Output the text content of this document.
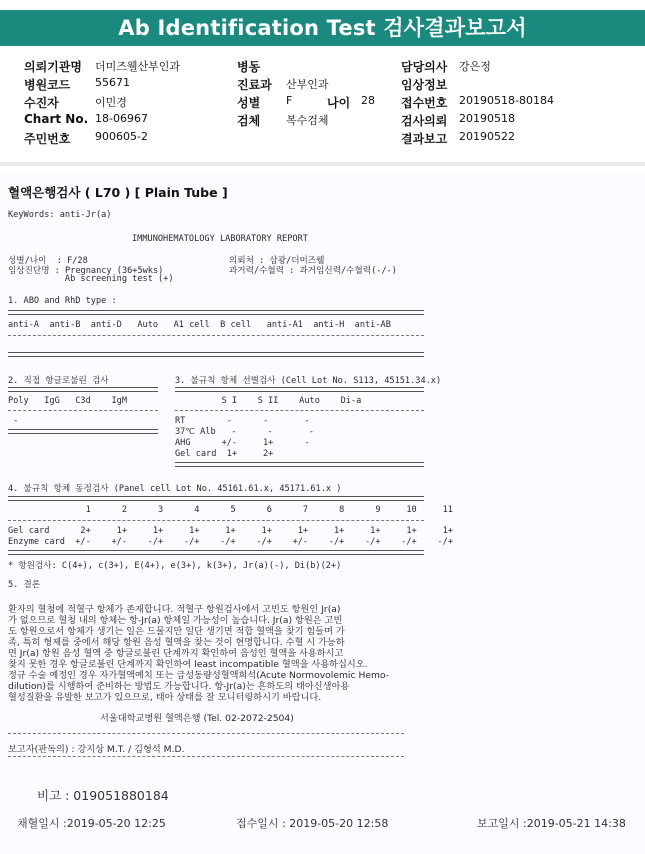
Ab Identification Test 검사결과보고서
의뢰기관명 더미즈웰산부인과	병동	담당의사 강은정
병원코드 55671	진료과 산부인과	임상정보
수진자	이민경	성별 F	나이 28 접수번호 20190518-80184
Chart No. 18-06967	검체 복수검체	검사의뢰 20190518
주민번호 900605-2	결과보고 20190522
혈액은행검사 ( L70 ) [ Plain Tube ]
KeyWords: anti-Jr(a)
IMMUNOHEMATOLOGY LABORATORY REPORT
성별/나이  : F/28
임상진단명 : Pregnancy (36+5wks)
Ab screening test (+)
의뢰처 : 삼광/더미즈웰
과거력/수혈력 : 과거임신력/수혈력(-/-)
1. ABO and RhD type :
anti-A  anti-B  anti-D   Auto   A1 cell  B cell   anti-A1  anti-H  anti-AB
2. 직접 항글로불린 검사
Poly   IgG   C3d    IgM
-
3. 불규칙 항체 선별검사 (Cell Lot No. S113, 45151.34.x)
S I    S II    Auto    Di-a
RT        -      -       -
37℃ Alb   -      -       -
AHG      +/-     1+      -
Gel card  1+     2+
4. 불규칙 항체 동정검사 (Panel cell Lot No. 45161.61.x, 45171.61.x )
1      2      3      4      5      6      7      8      9     10     11
Gel card      2+     1+     1+     1+     1+     1+     1+     1+     1+     1+     1+
Enzyme card  +/-    +/-    -/+    -/+    -/+    -/+    +/-    -/+    -/+    -/+    -/+
* 항원검사: C(4+), c(3+), E(4+), e(3+), k(3+), Jr(a)(-), Di(b)(2+)
5. 결론
환자의 혈청에 적혈구 항체가 존재합니다. 적혈구 항원검사에서 고빈도 항원인 Jr(a)
가 없으므로 혈청 내의 항체는 항-Jr(a) 항체일 가능성이 높습니다. Jr(a) 항원은 고빈
도 항원으로서 항체가 생기는 일은 드물지만 일단 생기면 적합 혈액을 찾기 힘들며 가
족, 특히 형제를 중에서 해당 항원 음성 혈액을 찾는 것이 현명합니다. 수혈 시 가능하
면 Jr(a) 항원 음성 혈액 중 항글로불린 단계까지 확인하여 음성인 혈액을 사용하시고
찾지 못한 경우 항글로불린 단계까지 확인하여 least incompatible 혈액을 사용하십시오.
정규 수술 예정인 경우 자가혈액예치 또는 급성동량성혈액희석(Acute Normovolemic Hemo-
dilution)를 시행하여 준비하는 방법도 가능합니다. 항-Jr(a)는 흔하도의 태아신생아용
혈성질환을 유발한 보고가 있으므로, 태아 상태를 잘 모니터링하시기 바랍니다.
서울대학교병원 혈액은행 (Tel. 02-2072-2504)
보고자(판독의) : 강지상 M.T. / 김형석 M.D.
비고 : 019051880184
채혈일시 :2019-05-20 12:25	접수일시 : 2019-05-20 12:58	보고일시 :2019-05-21 14:38
